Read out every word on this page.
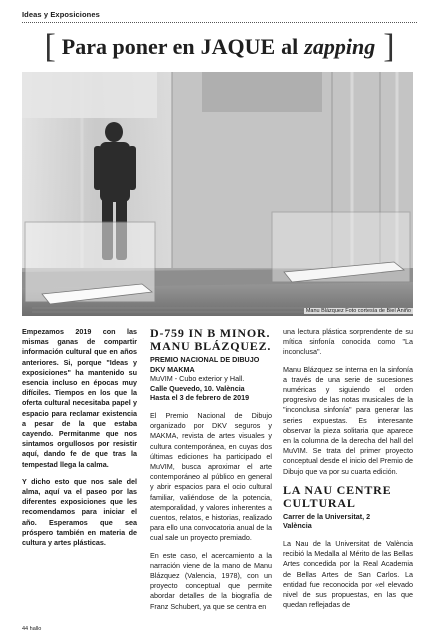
Ideas y Exposiciones
[ Para poner en JAQUE al zapping ]
Manu Blázquez Foto cortesía de Biel Aniño

Empezamos 2019 con las mismas ganas de compartir información cultural que en años anteriores. Si, porque "Ideas y exposiciones" ha mantenido su esencia incluso en épocas muy difíciles. Tiempos en los que la oferta cultural necesitaba papel y espacio para reclamar existencia a pesar de la que estaba cayendo. Permitanme que nos sintamos orgullosos por resistir aquí, dando fe de que tras la tempestad llega la calma.

Y dicho esto que nos sale del alma, aquí va el paseo por las diferentes exposiciones que les recomendamos para iniciar el año. Esperamos que sea próspero también en materia de cultura y artes plásticas.

D-759 IN B MINOR. MANU BLÁZQUEZ.
PREMIO NACIONAL DE DIBUJO DKV MAKMA
MuVIM - Cubo exterior y Hall.
Calle Quevedo, 10. València
Hasta el 3 de febrero de 2019

El Premio Nacional de Dibujo organizado por DKV seguros y MAKMA, revista de artes visuales y cultura contemporánea, en cuyas dos últimas ediciones ha participado el MuVIM, busca aproximar el arte contemporáneo al público en general y abrir espacios para el ocio cultural familiar, valiéndose de la potencia, atemporalidad, y valores inherentes a cuentos, relatos, e historias, realizado para ello una convocatoria anual de la cual sale un proyecto premiado.

En este caso, el acercamiento a la narración viene de la mano de Manu Blázquez (Valencia, 1978), con un proyecto conceptual que permite abordar detalles de la biografía de Franz Schubert, ya que se centra en

una lectura plástica sorprendente de su mítica sinfonía conocida como "La inconclusa".

Manu Blázquez se interna en la sinfonía a través de una serie de sucesiones numéricas y siguiendo el orden progresivo de las notas musicales de la "inconclusa sinfonía" para generar las series expuestas. Es interesante observar la pieza solitaria que aparece en la columna de la derecha del hall del MuVIM. Se trata del primer proyecto conceptual desde el inicio del Premio de Dibujo que va por su cuarta edición.

LA NAU CENTRE CULTURAL
Carrer de la Universitat, 2
València

La Nau de la Universitat de València recibió la Medalla al Mérito de las Bellas Artes concedida por la Real Academia de Bellas Artes de San Carlos. La entidad fue reconocida por «el elevado nivel de sus propuestas, en las que quedan reflejadas de

44 hallo
